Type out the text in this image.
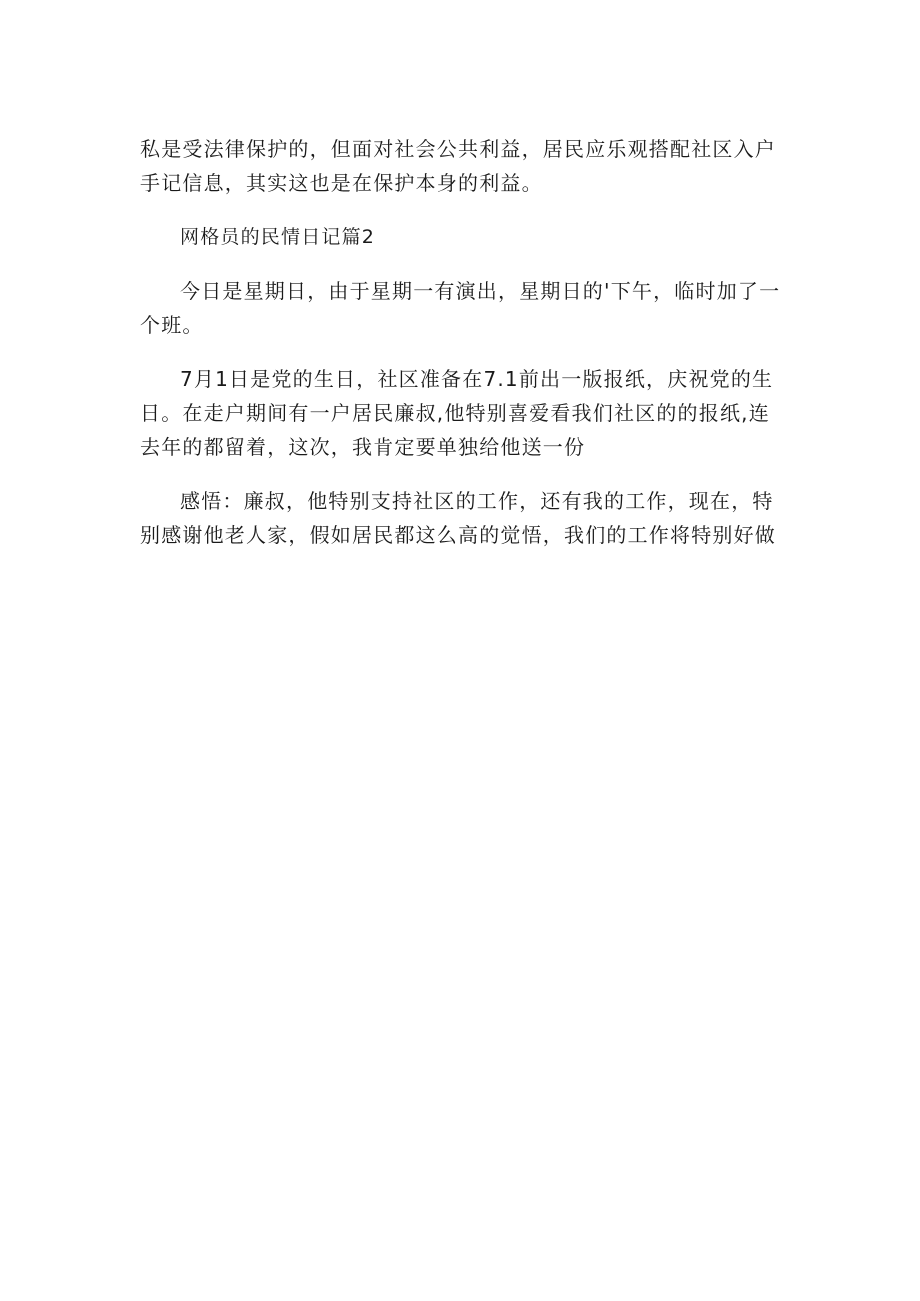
私是受法律保护的，但面对社会公共利益，居民应乐观搭配社区入户手记信息，其实这也是在保护本身的利益。

网格员的民情日记篇2

今日是星期日，由于星期一有演出，星期日的'下午，临时加了一个班。

7月1日是党的生日，社区准备在7.1前出一版报纸，庆祝党的生日。在走户期间有一户居民廉叔,他特别喜爱看我们社区的的报纸,连去年的都留着，这次，我肯定要单独给他送一份

感悟：廉叔，他特别支持社区的工作，还有我的工作，现在，特别感谢他老人家，假如居民都这么高的觉悟，我们的工作将特别好做
